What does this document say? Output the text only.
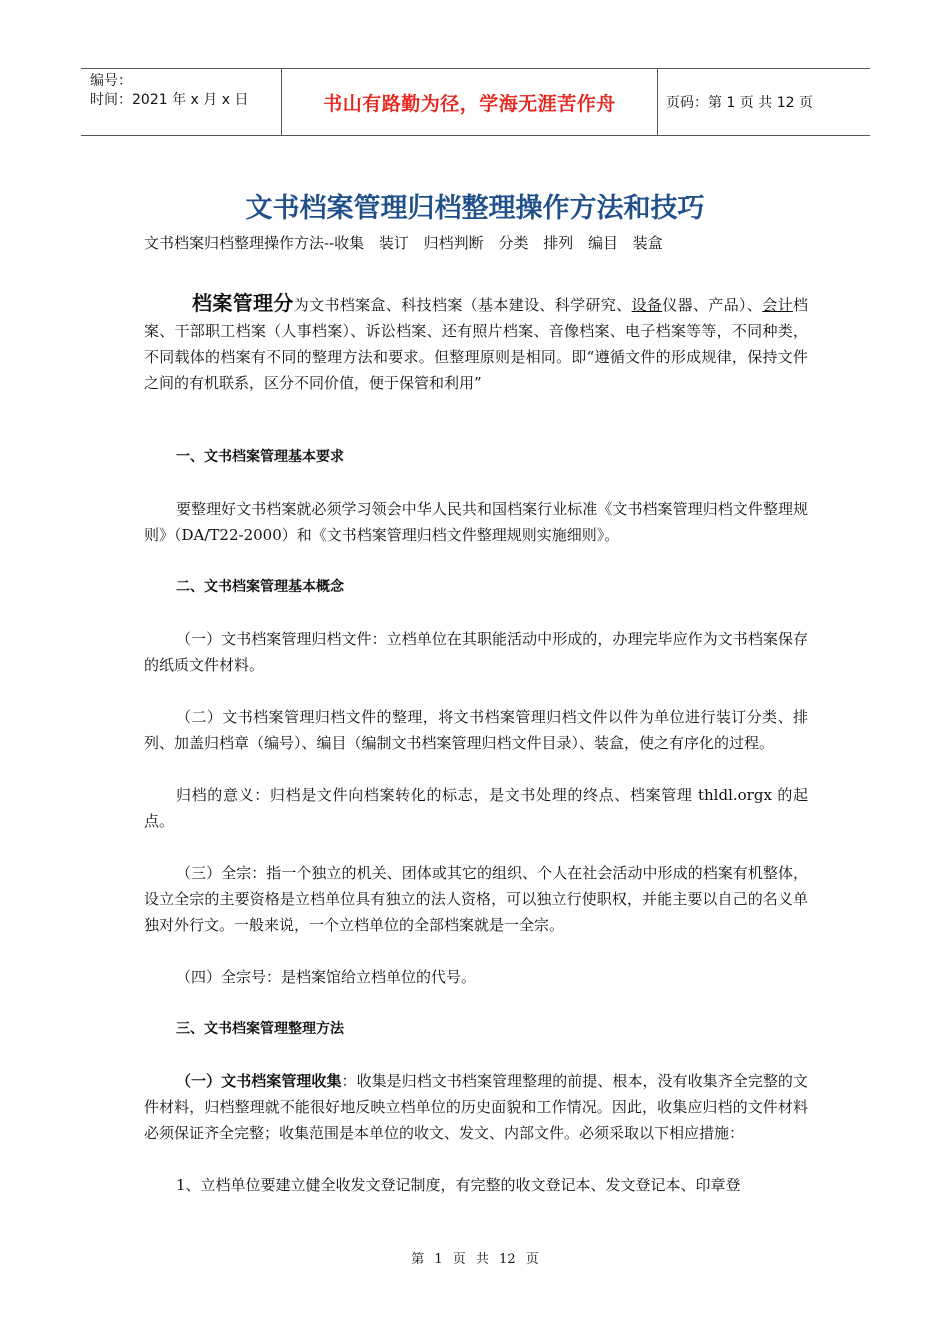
编号：
时间：2021 年 x 月 x 日	书山有路勤为径，学海无涯苦作舟	页码：第 1 页 共 12 页
文书档案管理归档整理操作方法和技巧
文书档案归档整理操作方法--收集 装订 归档判断 分类 排列 编目 装盒

档案管理分为文书档案盒、科技档案（基本建设、科学研究、设备仪器、产品）、会计档案、干部职工档案（人事档案）、诉讼档案、还有照片档案、音像档案、电子档案等等，不同种类，不同载体的档案有不同的整理方法和要求。但整理原则是相同。即“遵循文件的形成规律，保持文件之间的有机联系，区分不同价值，便于保管和利用”

一、文书档案管理基本要求

要整理好文书档案就必须学习领会中华人民共和国档案行业标准《文书档案管理归档文件整理规则》（DA/T22-2000）和《文书档案管理归档文件整理规则实施细则》。

二、文书档案管理基本概念

（一）文书档案管理归档文件：立档单位在其职能活动中形成的，办理完毕应作为文书档案保存的纸质文件材料。

（二）文书档案管理归档文件的整理，将文书档案管理归档文件以件为单位进行装订分类、排列、加盖归档章（编号）、编目（编制文书档案管理归档文件目录）、装盒，使之有序化的过程。

归档的意义：归档是文件向档案转化的标志，是文书处理的终点、档案管理 thldl.orgx 的起点。

（三）全宗：指一个独立的机关、团体或其它的组织、个人在社会活动中形成的档案有机整体，设立全宗的主要资格是立档单位具有独立的法人资格，可以独立行使职权，并能主要以自己的名义单独对外行文。一般来说，一个立档单位的全部档案就是一全宗。

（四）全宗号：是档案馆给立档单位的代号。

三、文书档案管理整理方法

（一）文书档案管理收集：收集是归档文书档案管理整理的前提、根本，没有收集齐全完整的文件材料，归档整理就不能很好地反映立档单位的历史面貌和工作情况。因此，收集应归档的文件材料必须保证齐全完整；收集范围是本单位的收文、发文、内部文件。必须采取以下相应措施：

1、立档单位要建立健全收发文登记制度，有完整的收文登记本、发文登记本、印章登

第 1 页 共 12 页
